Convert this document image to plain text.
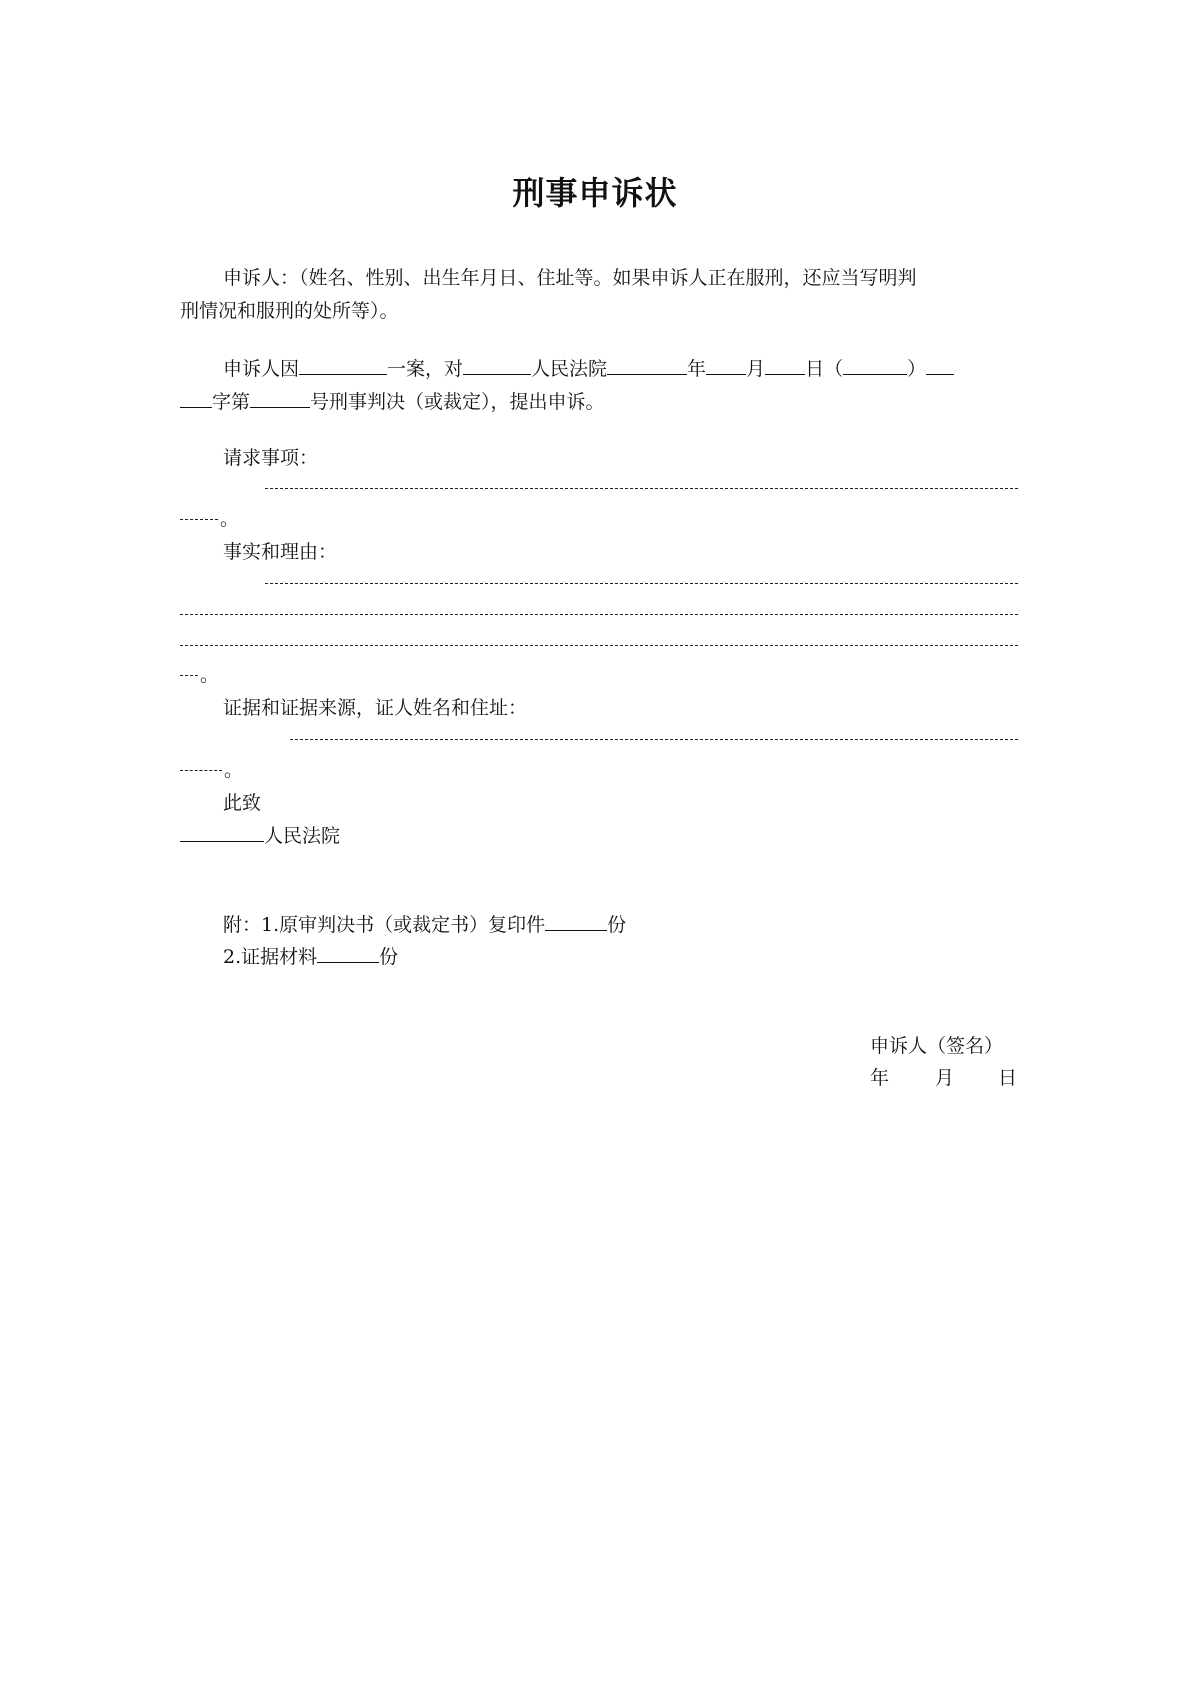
刑事申诉状
申诉人：（姓名、性别、出生年月日、住址等。如果申诉人正在服刑，还应当写明判
刑情况和服刑的处所等）。
申诉人因	一案，对	人民法院	年 月 日（	）
字第	号刑事判决（或裁定），提出申诉。
请求事项：
。
事实和理由：
。
证据和证据来源，证人姓名和住址：
。
此致
人民法院
附：1.原审判决书（或裁定书）复印件	份
2.证据材料	份
申诉人（签名）
年 月 日
